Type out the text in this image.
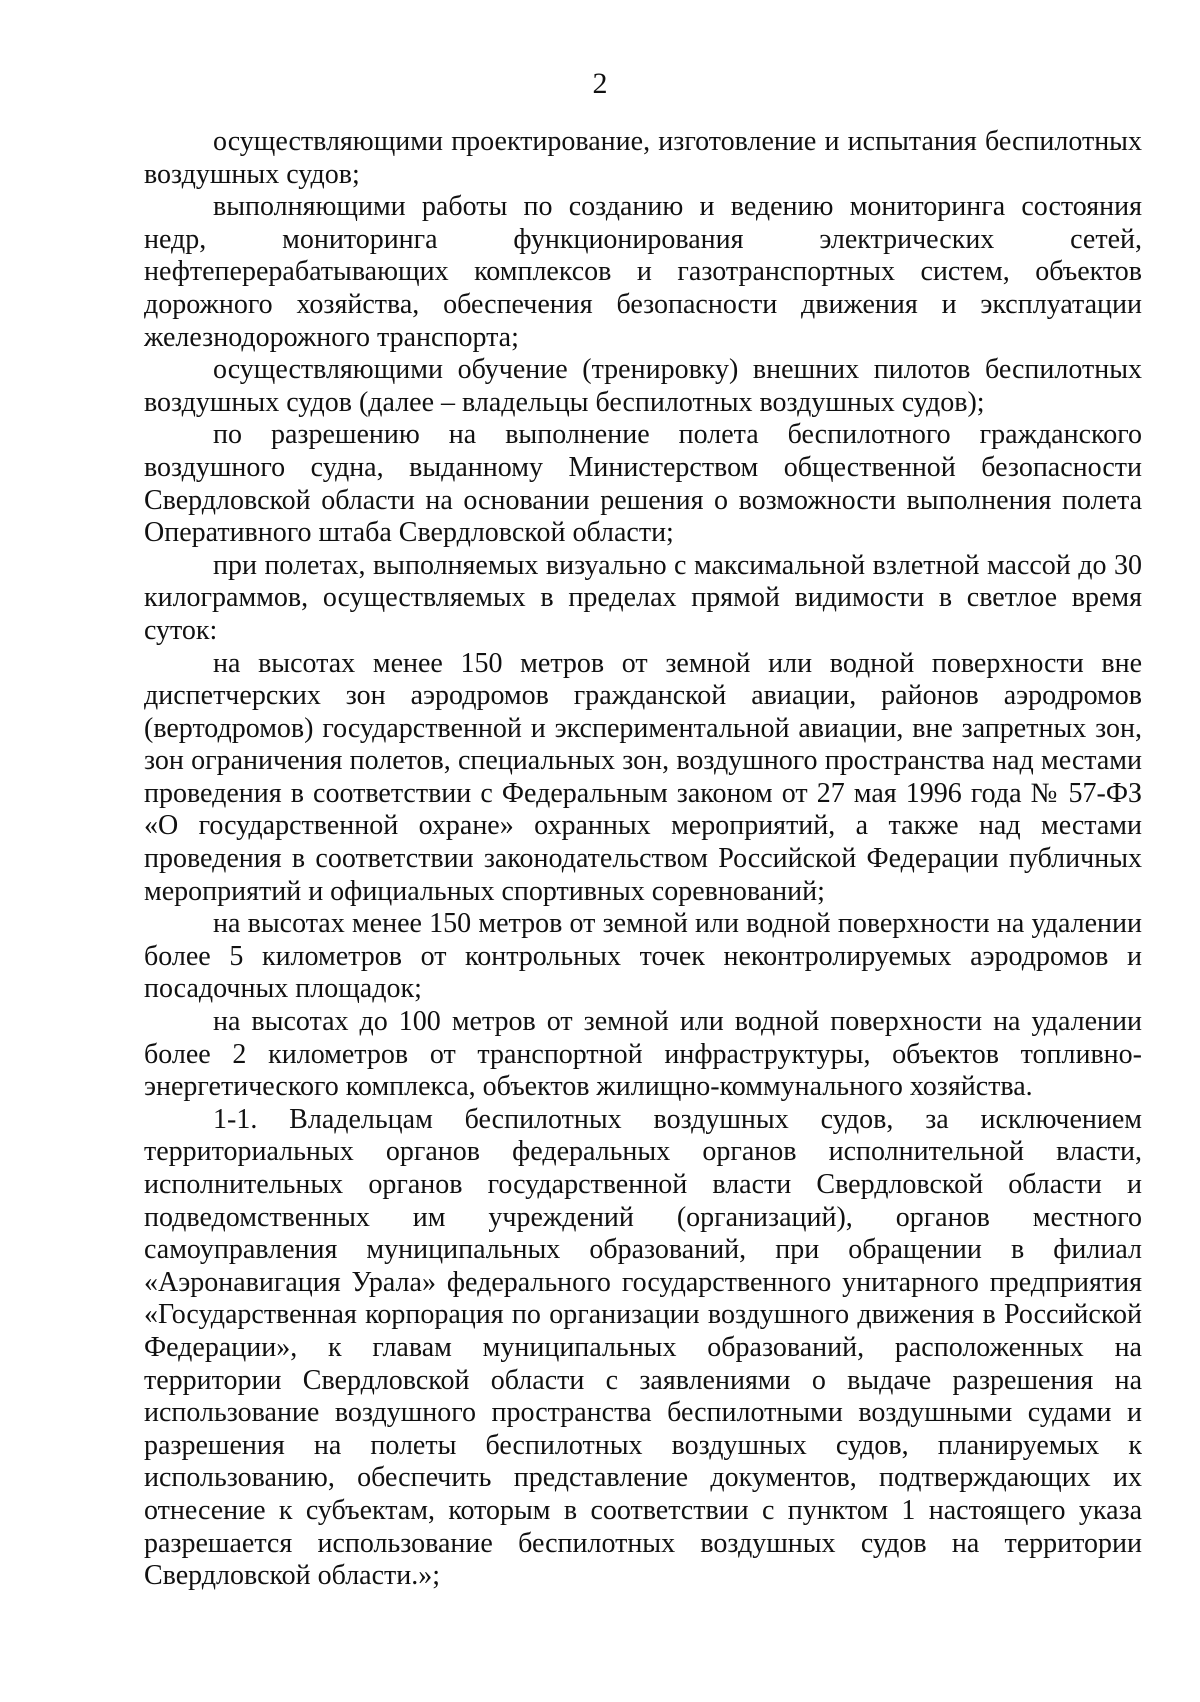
2

осуществляющими проектирование, изготовление и испытания беспилотных воздушных судов;

выполняющими работы по созданию и ведению мониторинга состояния недр, мониторинга функционирования электрических сетей, нефтеперерабатывающих комплексов и газотранспортных систем, объектов дорожного хозяйства, обеспечения безопасности движения и эксплуатации железнодорожного транспорта;

осуществляющими обучение (тренировку) внешних пилотов беспилотных воздушных судов (далее – владельцы беспилотных воздушных судов);

по разрешению на выполнение полета беспилотного гражданского воздушного судна, выданному Министерством общественной безопасности Свердловской области на основании решения о возможности выполнения полета Оперативного штаба Свердловской области;

при полетах, выполняемых визуально с максимальной взлетной массой до 30 килограммов, осуществляемых в пределах прямой видимости в светлое время суток:

на высотах менее 150 метров от земной или водной поверхности вне диспетчерских зон аэродромов гражданской авиации, районов аэродромов (вертодромов) государственной и экспериментальной авиации, вне запретных зон, зон ограничения полетов, специальных зон, воздушного пространства над местами проведения в соответствии с Федеральным законом от 27 мая 1996 года № 57-ФЗ «О государственной охране» охранных мероприятий, а также над местами проведения в соответствии законодательством Российской Федерации публичных мероприятий и официальных спортивных соревнований;

на высотах менее 150 метров от земной или водной поверхности на удалении более 5 километров от контрольных точек неконтролируемых аэродромов и посадочных площадок;

на высотах до 100 метров от земной или водной поверхности на удалении более 2 километров от транспортной инфраструктуры, объектов топливно-энергетического комплекса, объектов жилищно-коммунального хозяйства.

1-1. Владельцам беспилотных воздушных судов, за исключением территориальных органов федеральных органов исполнительной власти, исполнительных органов государственной власти Свердловской области и подведомственных им учреждений (организаций), органов местного самоуправления муниципальных образований, при обращении в филиал «Аэронавигация Урала» федерального государственного унитарного предприятия «Государственная корпорация по организации воздушного движения в Российской Федерации», к главам муниципальных образований, расположенных на территории Свердловской области с заявлениями о выдаче разрешения на использование воздушного пространства беспилотными воздушными судами и разрешения на полеты беспилотных воздушных судов, планируемых к использованию, обеспечить представление документов, подтверждающих их отнесение к субъектам, которым в соответствии с пунктом 1 настоящего указа разрешается использование беспилотных воздушных судов на территории Свердловской области.»;
